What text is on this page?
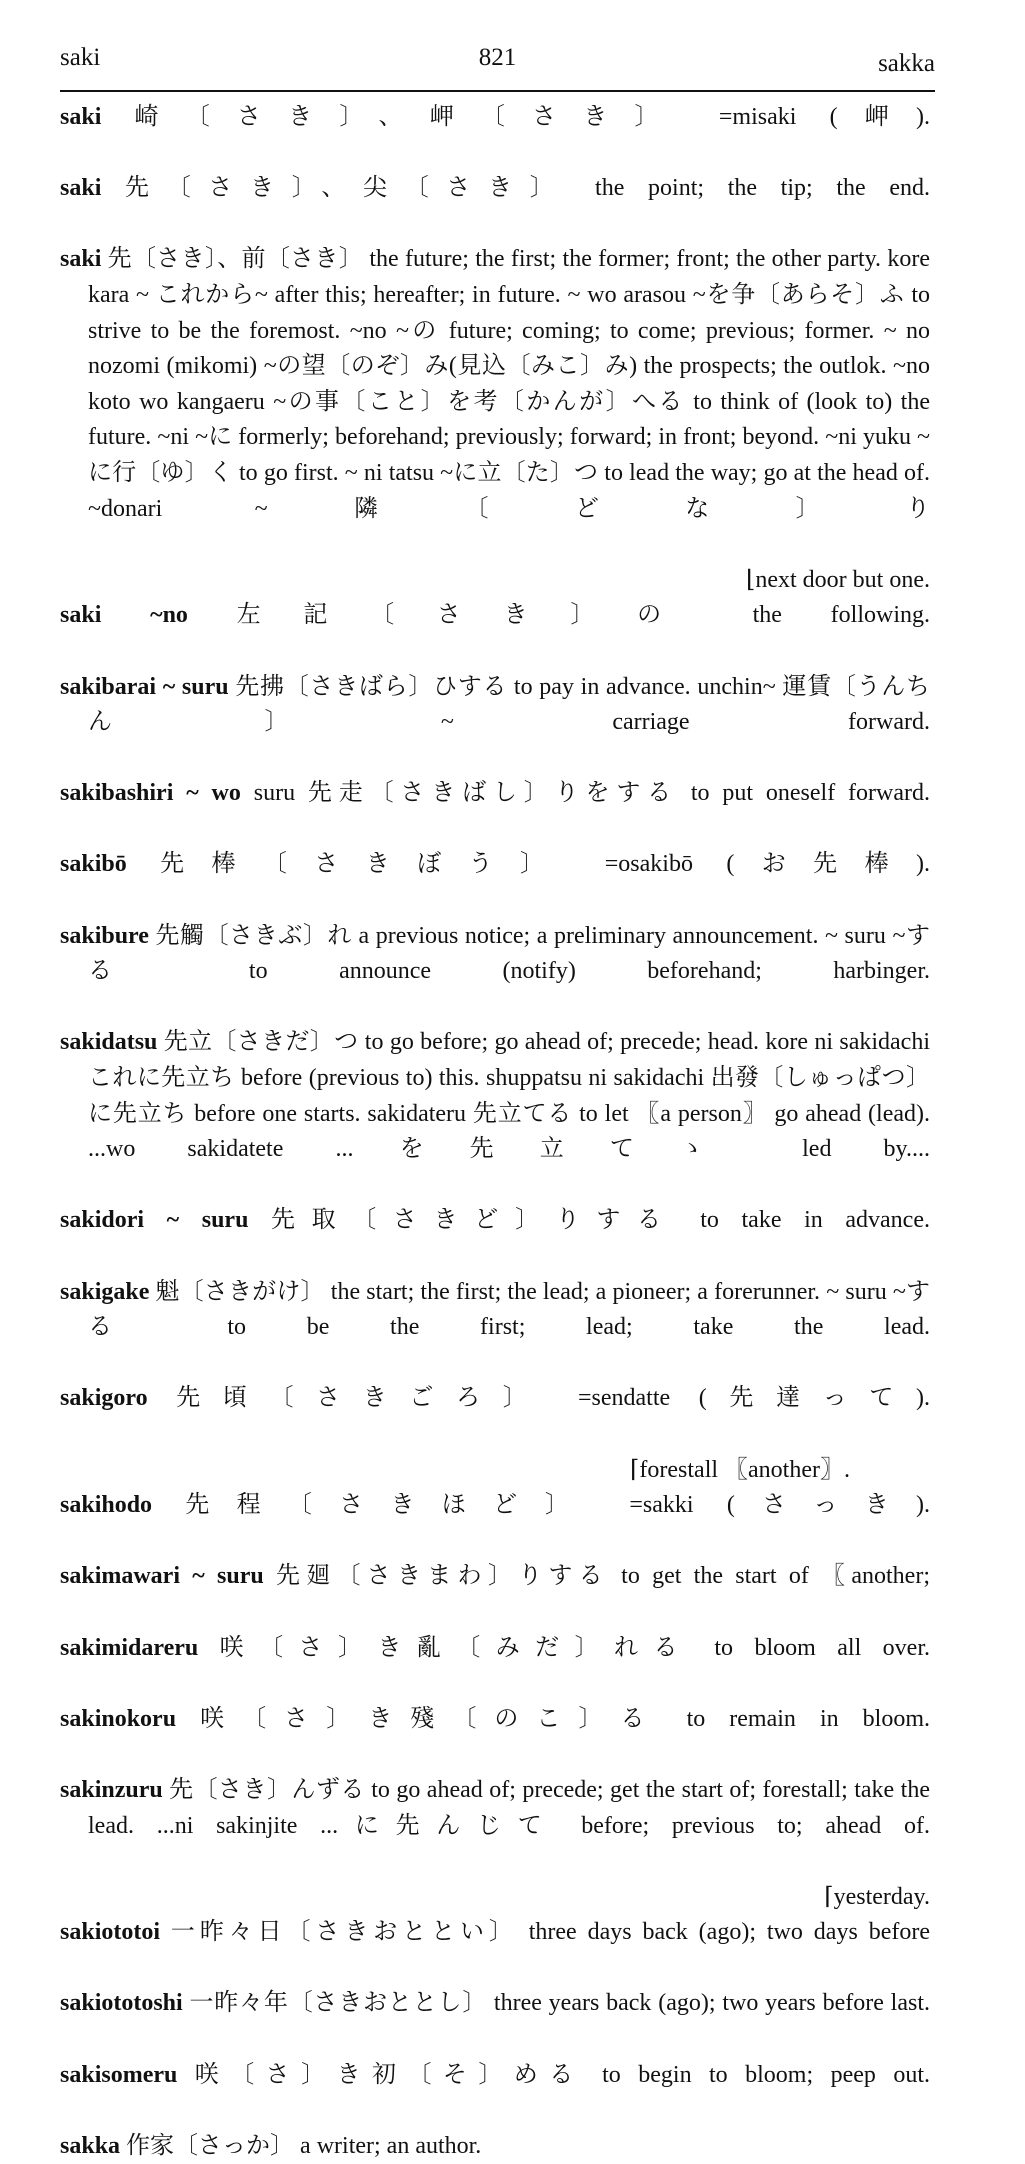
saki	821	sakka

saki 崎〔さき〕、岬〔さき〕 =misaki (岬).

saki 先〔さき〕、尖〔さき〕 the point; the tip; the end.

saki 先〔さき〕、前〔さき〕 the future; the first; the former; front; the other party. kore kara ~ これから~ after this; hereafter; in future. ~ wo arasou ~を争〔あらそ〕ふ to strive to be the foremost. ~no ~の future; coming; to come; previous; former. ~ no nozomi (mikomi) ~の望〔のぞ〕み(見込〔みこ〕み) the prospects; the outlok. ~no koto wo kangaeru ~の事〔こと〕を考〔かんが〕へる to think of (look to) the future. ~ni ~に formerly; beforehand; previously; forward; in front; beyond. ~ni yuku ~に行〔ゆ〕く to go first. ~ ni tatsu ~に立〔た〕つ to lead the way; go at the head of. ~donari ~隣〔どな〕り

⌊next door but one.

saki ~no 左記〔さき〕の the following.

sakibarai ~ suru 先拂〔さきばら〕ひする to pay in advance. unchin~ 運賃〔うんちん〕~ carriage forward.

sakibashiri ~ wo suru 先走〔さきばし〕りをする to put oneself forward.

sakibō 先棒〔さきぼう〕 =osakibō (お先棒).

sakibure 先觸〔さきぶ〕れ a previous notice; a preliminary announcement. ~ suru ~する to announce (notify) beforehand; harbinger.

sakidatsu 先立〔さきだ〕つ to go before; go ahead of; precede; head. kore ni sakidachi これに先立ち before (previous to) this. shuppatsu ni sakidachi 出發〔しゅっぱつ〕に先立ち before one starts. sakidateru 先立てる to let 〖a person〗 go ahead (lead). ...wo sakidatete ...を先立てゝ led by....

sakidori ~ suru 先取〔さきど〕りする to take in advance.

sakigake 魁〔さきがけ〕 the start; the first; the lead; a pioneer; a forerunner. ~ suru ~する to be the first; lead; take the lead.

sakigoro 先頃〔さきごろ〕 =sendatte (先達って).

⌈forestall 〖another〗.

sakihodo 先程〔さきほど〕 =sakki (さっき).

sakimawari ~ suru 先廻〔さきまわ〕りする to get the start of 〖another;

sakimidareru 咲〔さ〕き亂〔みだ〕れる to bloom all over.

sakinokoru 咲〔さ〕き殘〔のこ〕る to remain in bloom.

sakinzuru 先〔さき〕んずる to go ahead of; precede; get the start of; forestall; take the lead. ...ni sakinjite ...に先んじて before; previous to; ahead of.

⌈yesterday.

sakiototoi 一昨々日〔さきおととい〕 three days back (ago); two days before

sakiototoshi 一昨々年〔さきおととし〕 three years back (ago); two years before last.

sakisomeru 咲〔さ〕き初〔そ〕める to begin to bloom; peep out.

sakka 作家〔さっか〕 a writer; an author.
